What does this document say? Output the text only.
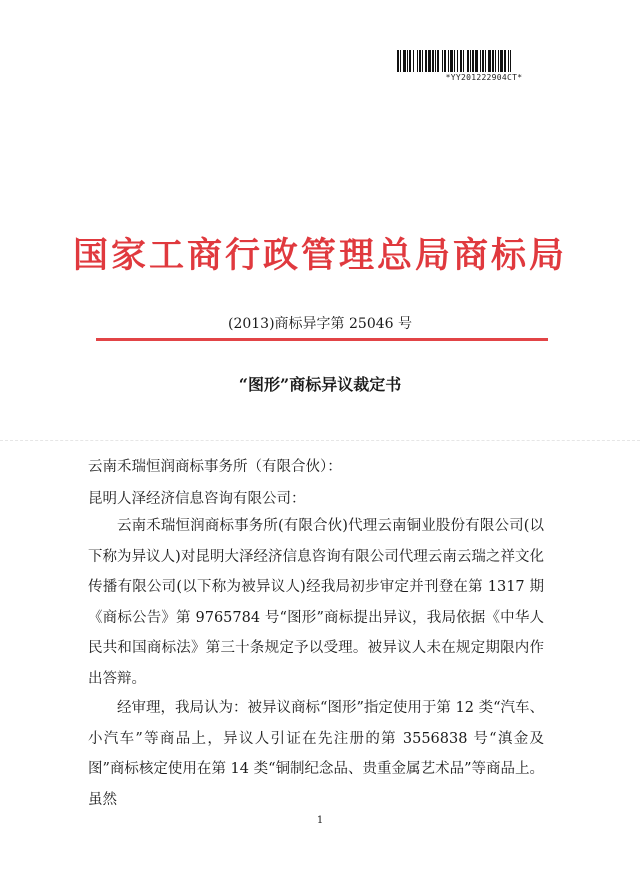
*YY201222904CT*
国家工商行政管理总局商标局
(2013)商标异字第 25046 号
“图形”商标异议裁定书
云南禾瑞恒润商标事务所（有限合伙）：
昆明人泽经济信息咨询有限公司：

云南禾瑞恒润商标事务所(有限合伙)代理云南铜业股份有限公司(以下称为异议人)对昆明大泽经济信息咨询有限公司代理云南云瑞之祥文化传播有限公司(以下称为被异议人)经我局初步审定并刊登在第 1317 期《商标公告》第 9765784 号“图形”商标提出异议，我局依据《中华人民共和国商标法》第三十条规定予以受理。被异议人未在规定期限内作出答辩。

经审理，我局认为：被异议商标“图形”指定使用于第 12 类“汽车、小汽车”等商品上，异议人引证在先注册的第 3556838 号“滇金及图”商标核定使用在第 14 类“铜制纪念品、贵重金属艺术品”等商品上。虽然

1
